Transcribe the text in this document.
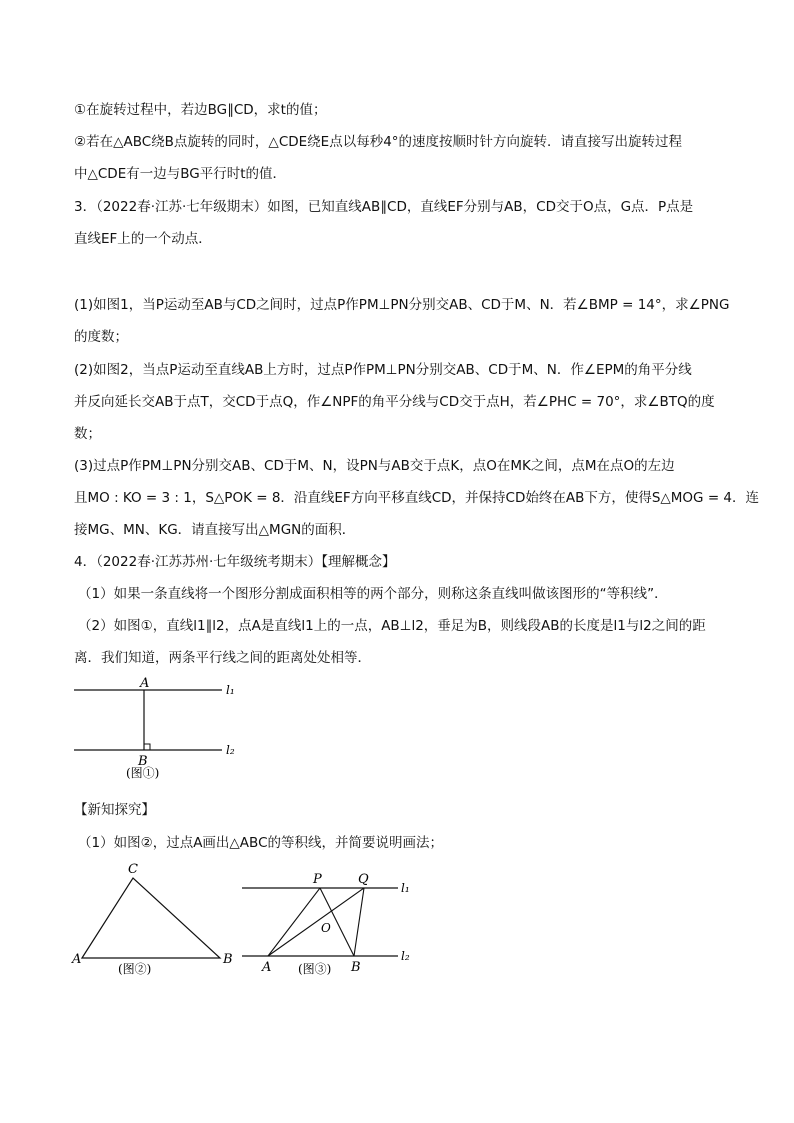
①在旋转过程中，若边BG∥CD，求t的值；
②若在△ABC绕B点旋转的同时，△CDE绕E点以每秒4°的速度按顺时针方向旋转．请直接写出旋转过程
中△CDE有一边与BG平行时t的值．
3．（2022春·江苏·七年级期末）如图，已知直线AB∥CD，直线EF分别与AB，CD交于O点，G点．P点是
直线EF上的一个动点．
(1)如图1，当P运动至AB与CD之间时，过点P作PM⊥PN分别交AB、CD于M、N．若∠BMP = 14°，求∠PNG
的度数；
(2)如图2，当点P运动至直线AB上方时，过点P作PM⊥PN分别交AB、CD于M、N．作∠EPM的角平分线
并反向延长交AB于点T，交CD于点Q，作∠NPF的角平分线与CD交于点H，若∠PHC = 70°，求∠BTQ的度
数；
(3)过点P作PM⊥PN分别交AB、CD于M、N，设PN与AB交于点K，点O在MK之间，点M在点O的左边
且MO : KO = 3 : 1，S△POK = 8．沿直线EF方向平移直线CD，并保持CD始终在AB下方，使得S△MOG = 4．连
接MG、MN、KG．请直接写出△MGN的面积．
4．（2022春·江苏苏州·七年级统考期末）【理解概念】
（1）如果一条直线将一个图形分割成面积相等的两个部分，则称这条直线叫做该图形的“等积线”．
（2）如图①，直线l1∥l2，点A是直线l1上的一点，AB⊥l2，垂足为B，则线段AB的长度是l1与l2之间的距
离．我们知道，两条平行线之间的距离处处相等．
【新知探究】
（1）如图②，过点A画出△ABC的等积线，并简要说明画法；
A
B
l₁
l₂
(图①)
C
A	B
(图②)
P	Q
O
A	B
l₁
l₂
(图③)
